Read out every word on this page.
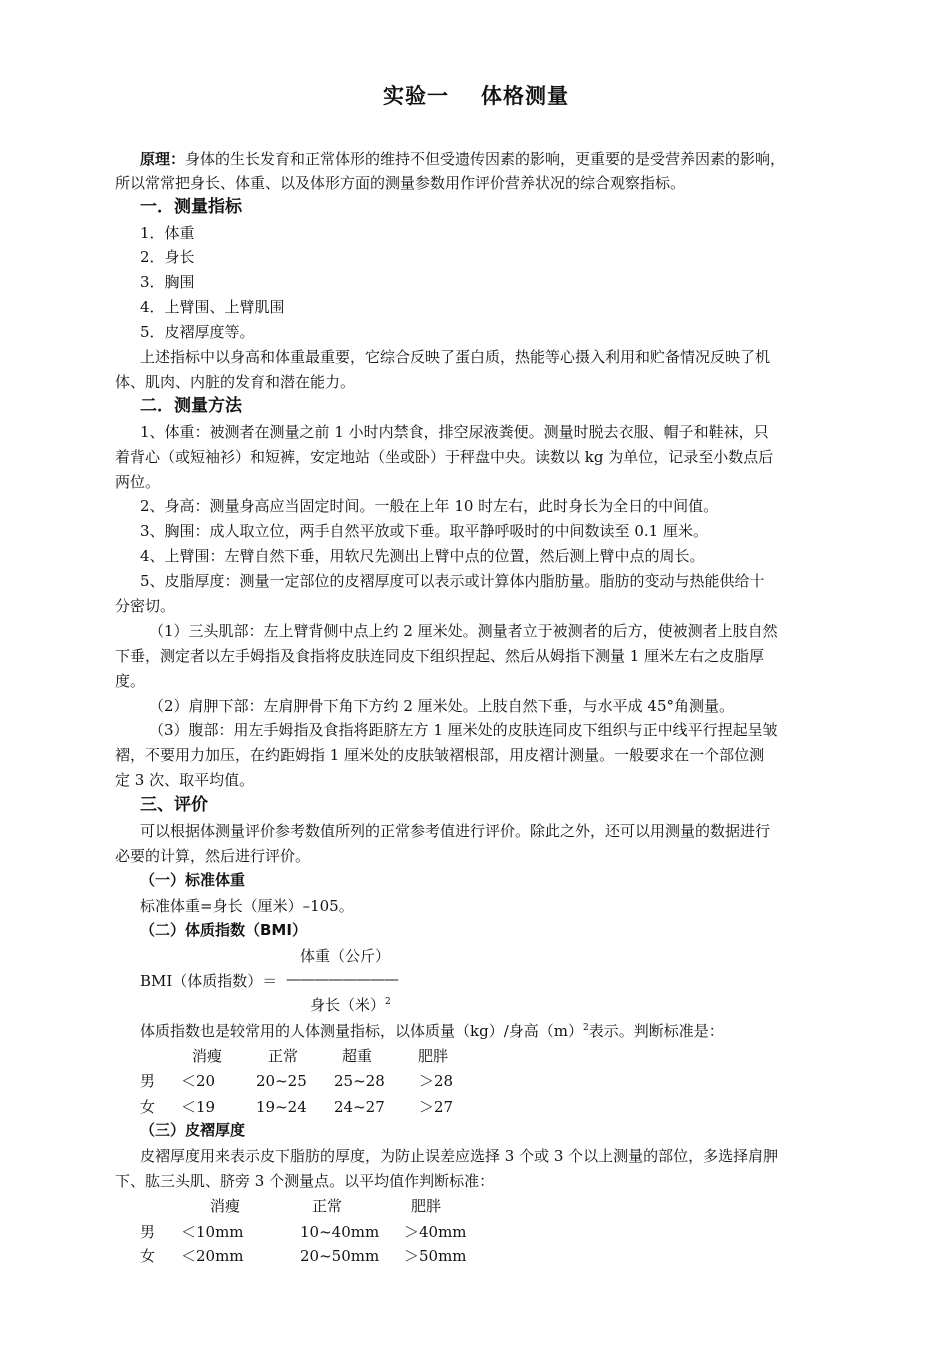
实验一 体格测量
原理：身体的生长发育和正常体形的维持不但受遗传因素的影响，更重要的是受营养因素的影响，
所以常常把身长、体重、以及体形方面的测量参数用作评价营养状况的综合观察指标。
一．测量指标
1．体重
2．身长
3．胸围
4．上臂围、上臂肌围
5．皮褶厚度等。
上述指标中以身高和体重最重要，它综合反映了蛋白质，热能等心摄入利用和贮备情况反映了机
体、肌肉、内脏的发育和潜在能力。
二．测量方法
1、体重：被测者在测量之前 1 小时内禁食，排空尿液粪便。测量时脱去衣服、帽子和鞋袜，只
着背心（或短袖衫）和短裤，安定地站（坐或卧）于秤盘中央。读数以 kg 为单位，记录至小数点后
两位。
2、身高：测量身高应当固定时间。一般在上年 10 时左右，此时身长为全日的中间值。
3、胸围：成人取立位，两手自然平放或下垂。取平静呼吸时的中间数读至 0.1 厘米。
4、上臂围：左臂自然下垂，用软尺先测出上臂中点的位置，然后测上臂中点的周长。
5、皮脂厚度：测量一定部位的皮褶厚度可以表示或计算体内脂肪量。脂肪的变动与热能供给十
分密切。
（1）三头肌部：左上臂背侧中点上约 2 厘米处。测量者立于被测者的后方，使被测者上肢自然
下垂，测定者以左手姆指及食指将皮肤连同皮下组织捏起、然后从姆指下测量 1 厘米左右之皮脂厚
度。
（2）肩胛下部：左肩胛骨下角下方约 2 厘米处。上肢自然下垂，与水平成 45°角测量。
（3）腹部：用左手姆指及食指将距脐左方 1 厘米处的皮肤连同皮下组织与正中线平行捏起呈皱
褶，不要用力加压，在约距姆指 1 厘米处的皮肤皱褶根部，用皮褶计测量。一般要求在一个部位测
定 3 次、取平均值。
三、评价
可以根据体测量评价参考数值所列的正常参考值进行评价。除此之外，还可以用测量的数据进行
必要的计算，然后进行评价。
（一）标准体重
标准体重=身长（厘米）–105。
（二）体质指数（BMI）
体重（公斤）
BMI（体质指数）＝ ————————
身长（米）$^2$
体质指数也是较常用的人体测量指标，以体质量（kg）/身高$(m)^2$表示。判断标准是：
消瘦	正常	超重	肥胖
男 ＜20	20~25 25~28 ＞28
女 ＜19	19~24 24~27 ＞27
（三）皮褶厚度
皮褶厚度用来表示皮下脂肪的厚度，为防止误差应选择 3 个或 3 个以上测量的部位，多选择肩胛
下、肱三头肌、脐旁 3 个测量点。以平均值作判断标准：
消瘦	正常	肥胖
男 ＜10mm	10~40mm ＞40mm
女 ＜20mm	20~50mm ＞50mm
